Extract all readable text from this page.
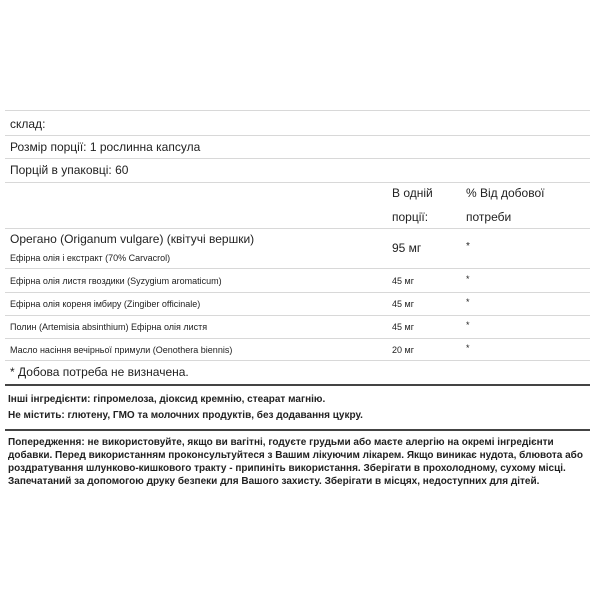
склад:
Розмір порції: 1 рослинна капсула
Порцій в упаковці: 60
В одній
порції:
% Від добової
потреби
Орегано (Origanum vulgare) (квітучі вершки)
Ефірна олія і екстракт (70% Carvacrol)
95 мг	*
Ефірна олія листя гвоздики (Syzygium aromaticum)	45 мг	*
Ефірна олія кореня імбиру (Zingiber officinale)	45 мг	*
Полин (Artemisia absinthium) Ефірна олія листя	45 мг	*
Масло насіння вечірньої примули (Oenothera biennis)	20 мг	*
* Добова потреба не визначена.

Інші інгредієнти: гіпромелоза, діоксид кремнію, стеарат магнію.

Не містить: глютену, ГМО та молочних продуктів, без додавання цукру.

Попередження: не використовуйте, якщо ви вагітні, годуєте грудьми або маєте алергію на окремі інгредієнти добавки. Перед використанням проконсультуйтеся з Вашим лікуючим лікарем. Якщо виникає нудота, блювота або роздратування шлунково-кишкового тракту - припиніть використання. Зберігати в прохолодному, сухому місці. Запечатаний за допомогою друку безпеки для Вашого захисту. Зберігати в місцях, недоступних для дітей.
